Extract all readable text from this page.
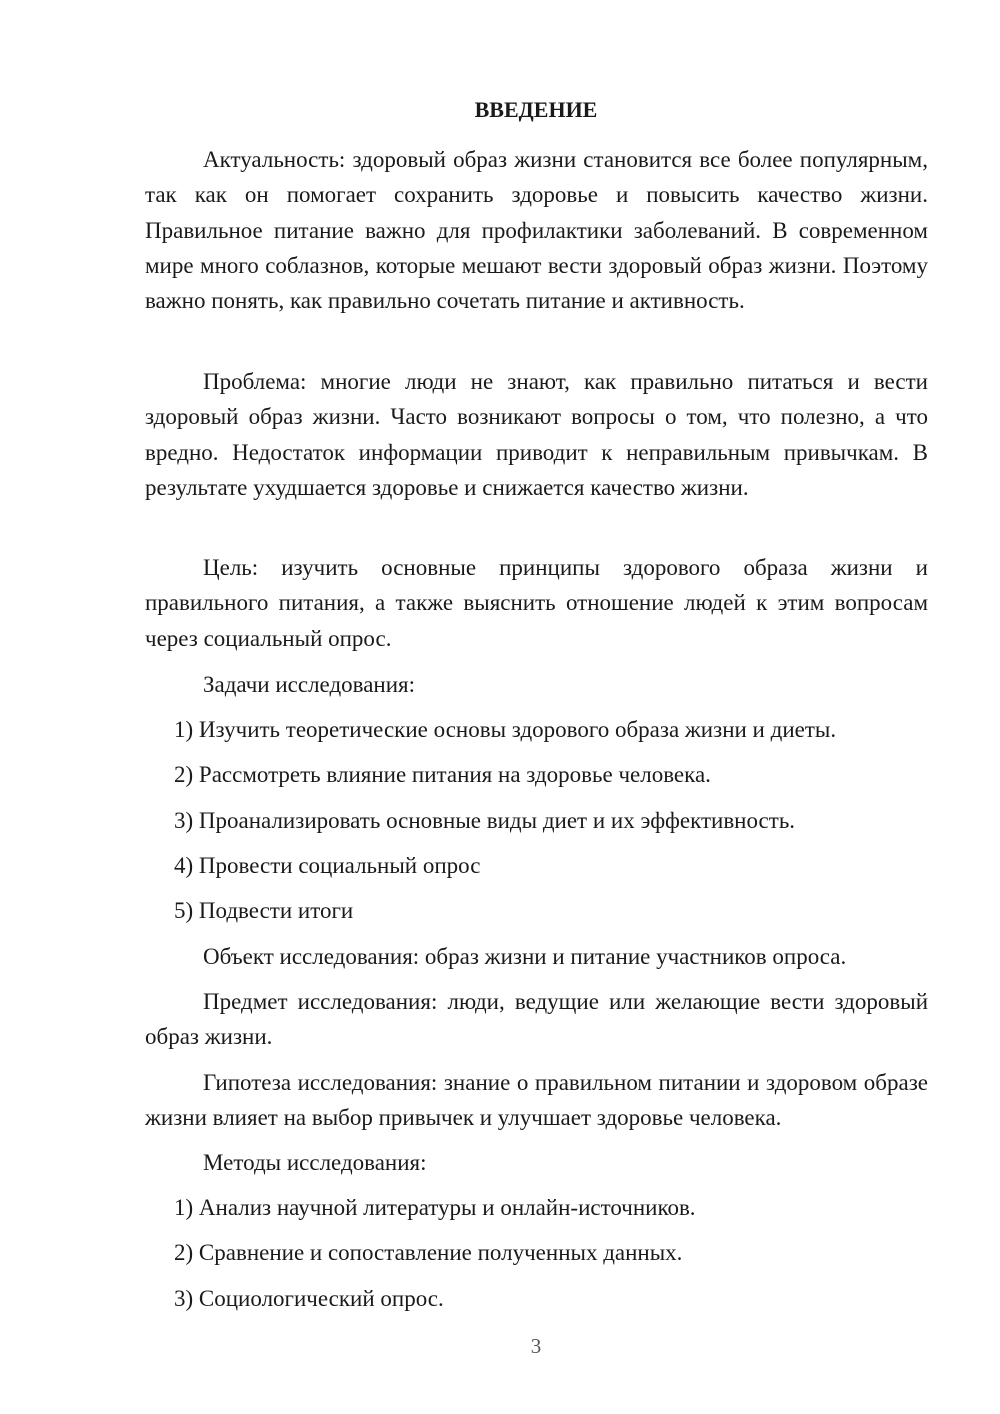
ВВЕДЕНИЕ

Актуальность: здоровый образ жизни становится все более популярным, так как он помогает сохранить здоровье и повысить качество жизни. Правильное питание важно для профилактики заболеваний. В современном мире много соблазнов, которые мешают вести здоровый образ жизни. Поэтому важно понять, как правильно сочетать питание и активность.

Проблема: многие люди не знают, как правильно питаться и вести здоровый образ жизни. Часто возникают вопросы о том, что полезно, а что вредно. Недостаток информации приводит к неправильным привычкам. В результате ухудшается здоровье и снижается качество жизни.

Цель: изучить основные принципы здорового образа жизни и правильного питания, а также выяснить отношение людей к этим вопросам через социальный опрос.

Задачи исследования:
1) Изучить теоретические основы здорового образа жизни и диеты.
2) Рассмотреть влияние питания на здоровье человека.
3) Проанализировать основные виды диет и их эффективность.
4) Провести социальный опрос
5) Подвести итоги
Объект исследования: образ жизни и питание участников опроса.

Предмет исследования: люди, ведущие или желающие вести здоровый образ жизни.

Гипотеза исследования: знание о правильном питании и здоровом образе жизни влияет на выбор привычек и улучшает здоровье человека.

Методы исследования:
1) Анализ научной литературы и онлайн-источников.
2) Сравнение и сопоставление полученных данных.
3) Социологический опрос.
3
